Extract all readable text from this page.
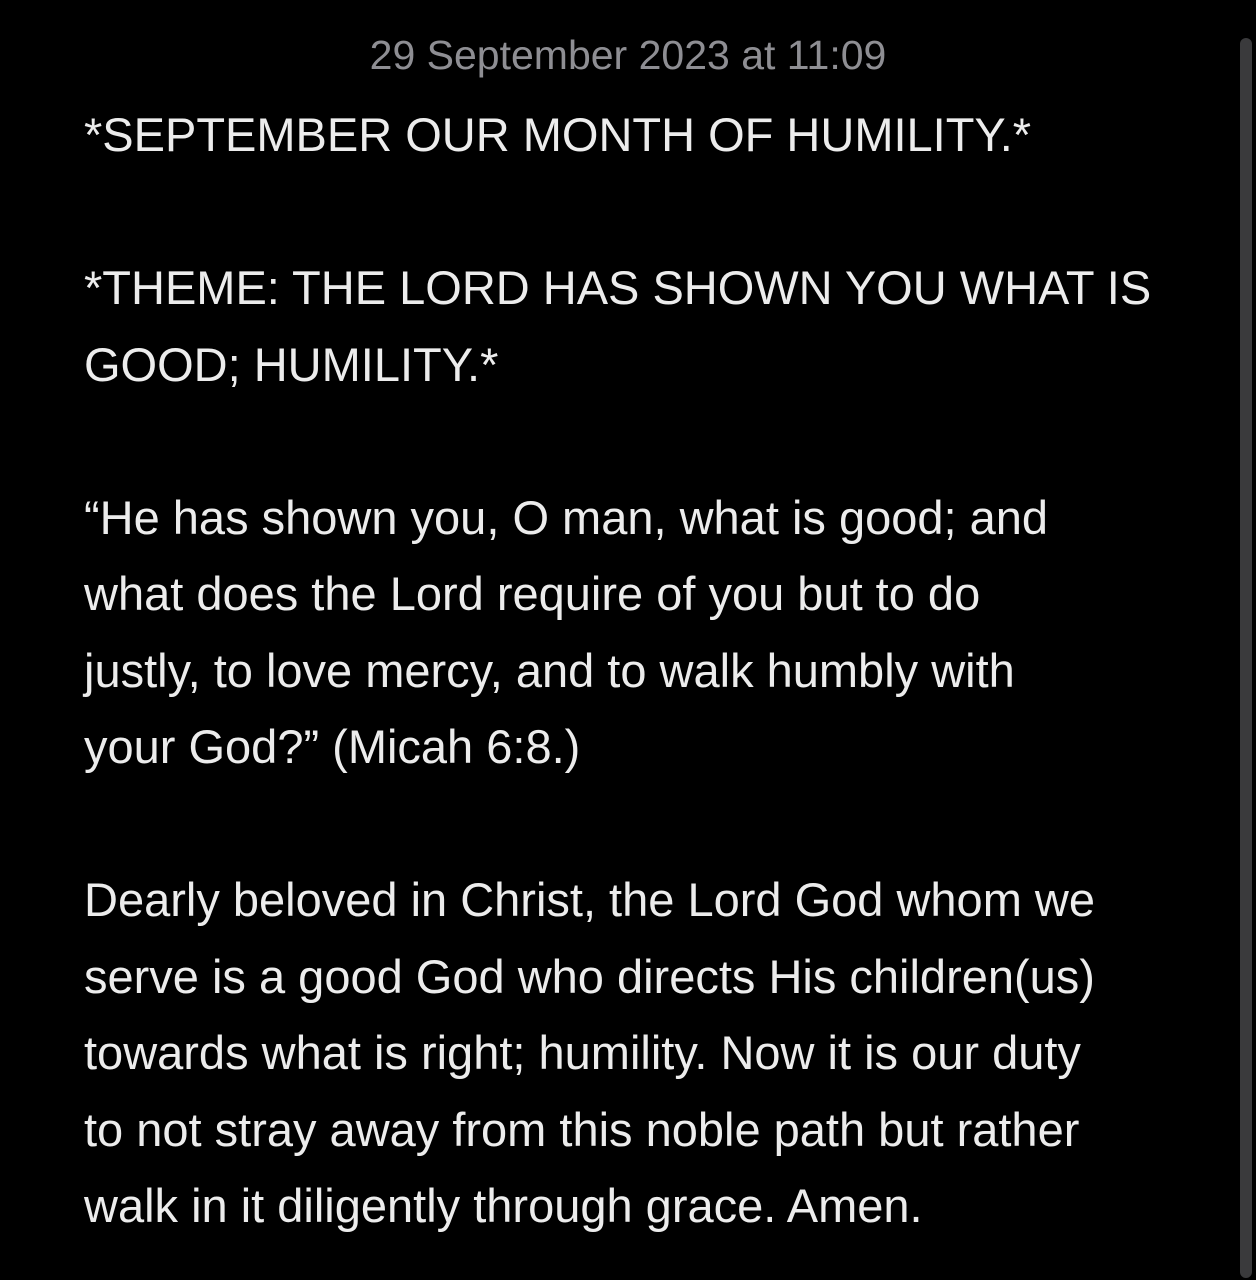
29 September 2023 at 11:09
*SEPTEMBER OUR MONTH OF HUMILITY.*
*THEME: THE LORD HAS SHOWN YOU WHAT IS
GOOD; HUMILITY.*
“He has shown you, O man, what is good; and
what does the Lord require of you but to do
justly, to love mercy, and to walk humbly with
your God?” (Micah 6:8.)
Dearly beloved in Christ, the Lord God whom we
serve is a good God who directs His children(us)
towards what is right; humility. Now it is our duty
to not stray away from this noble path but rather
walk in it diligently through grace. Amen.
